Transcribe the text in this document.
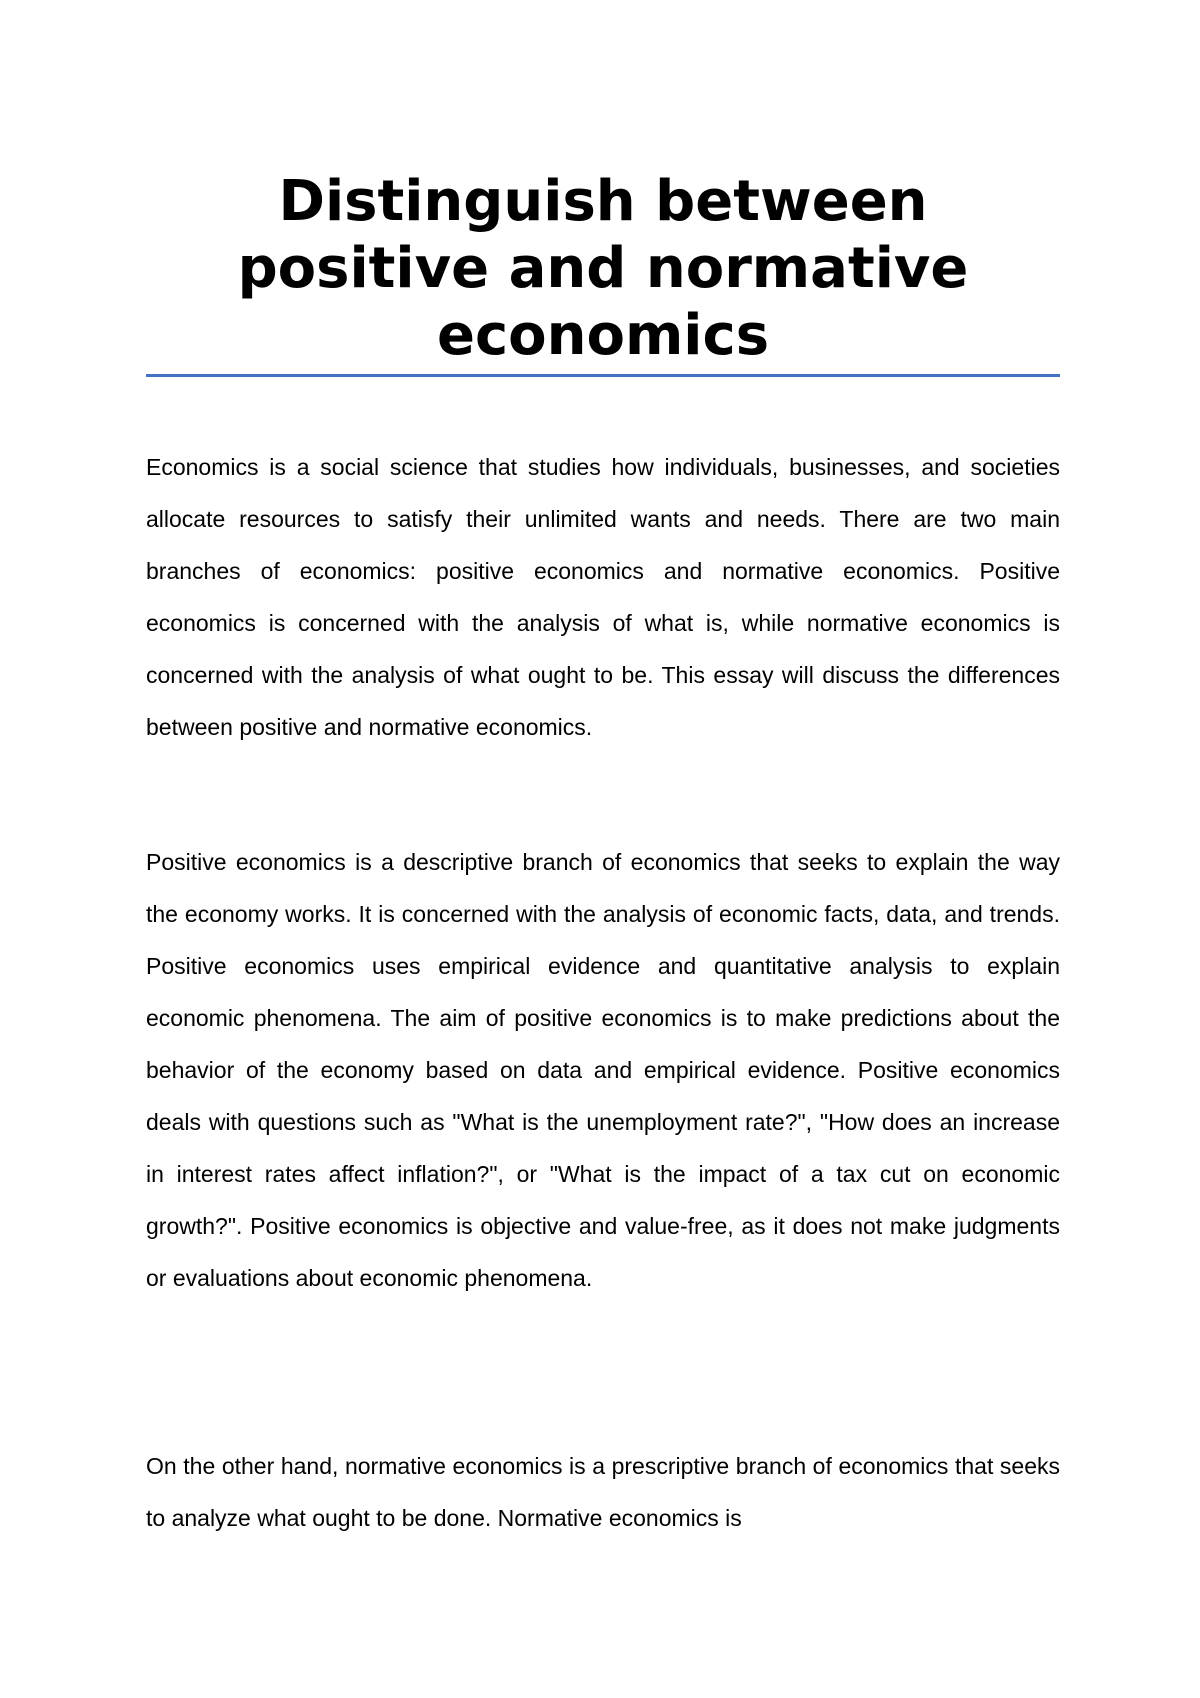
Distinguish between positive and normative economics

Economics is a social science that studies how individuals, businesses, and societies allocate resources to satisfy their unlimited wants and needs. There are two main branches of economics: positive economics and normative economics. Positive economics is concerned with the analysis of what is, while normative economics is concerned with the analysis of what ought to be. This essay will discuss the differences between positive and normative economics.

Positive economics is a descriptive branch of economics that seeks to explain the way the economy works. It is concerned with the analysis of economic facts, data, and trends. Positive economics uses empirical evidence and quantitative analysis to explain economic phenomena. The aim of positive economics is to make predictions about the behavior of the economy based on data and empirical evidence. Positive economics deals with questions such as "What is the unemployment rate?", "How does an increase in interest rates affect inflation?", or "What is the impact of a tax cut on economic growth?". Positive economics is objective and value-free, as it does not make judgments or evaluations about economic phenomena.

On the other hand, normative economics is a prescriptive branch of economics that seeks to analyze what ought to be done. Normative economics is
